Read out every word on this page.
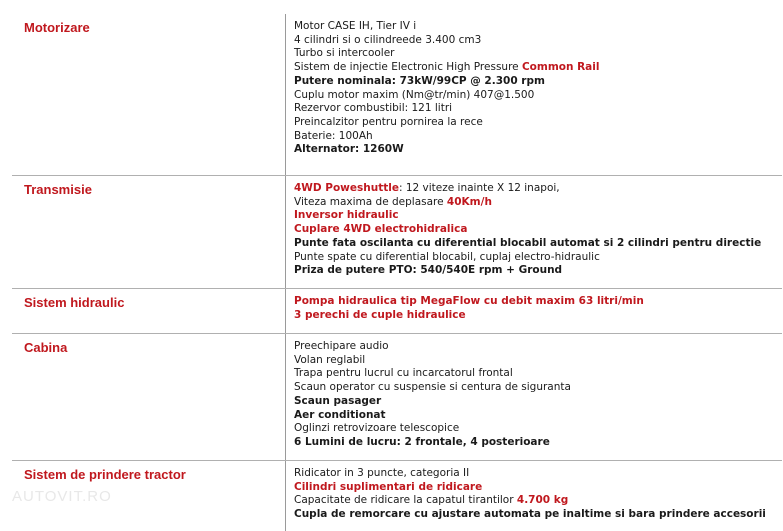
Motorizare	Motor CASE IH, Tier IV i
4 cilindri si o cilindreede 3.400 cm3
Turbo si intercooler
Sistem de injectie Electronic High Pressure Common Rail
Putere nominala: 73kW/99CP @ 2.300 rpm
Cuplu motor maxim (Nm@tr/min) 407@1.500
Rezervor combustibil: 121 litri
Preincalzitor pentru pornirea la rece
Baterie: 100Ah
Alternator: 1260W
Transmisie	4WD Poweshuttle: 12 viteze inainte X 12 inapoi,
Viteza maxima de deplasare 40Km/h
Inversor hidraulic
Cuplare 4WD electrohidralica
Punte fata oscilanta cu diferential blocabil automat si 2 cilindri pentru directie
Punte spate cu diferential blocabil, cuplaj electro-hidraulic
Priza de putere PTO: 540/540E rpm + Ground
Sistem hidraulic	Pompa hidraulica tip MegaFlow cu debit maxim 63 litri/min
3 perechi de cuple hidraulice
Cabina	Preechipare audio
Volan reglabil
Trapa pentru lucrul cu incarcatorul frontal
Scaun operator cu suspensie si centura de siguranta
Scaun pasager
Aer conditionat
Oglinzi retrovizoare telescopice
6 Lumini de lucru: 2 frontale, 4 posterioare
Sistem de prindere tractor	Ridicator in 3 puncte, categoria II
Cilindri suplimentari de ridicare
Capacitate de ridicare la capatul tirantilor 4.700 kg
Cupla de remorcare cu ajustare automata pe inaltime si bara prindere accesorii
AUTOVIT.RO
